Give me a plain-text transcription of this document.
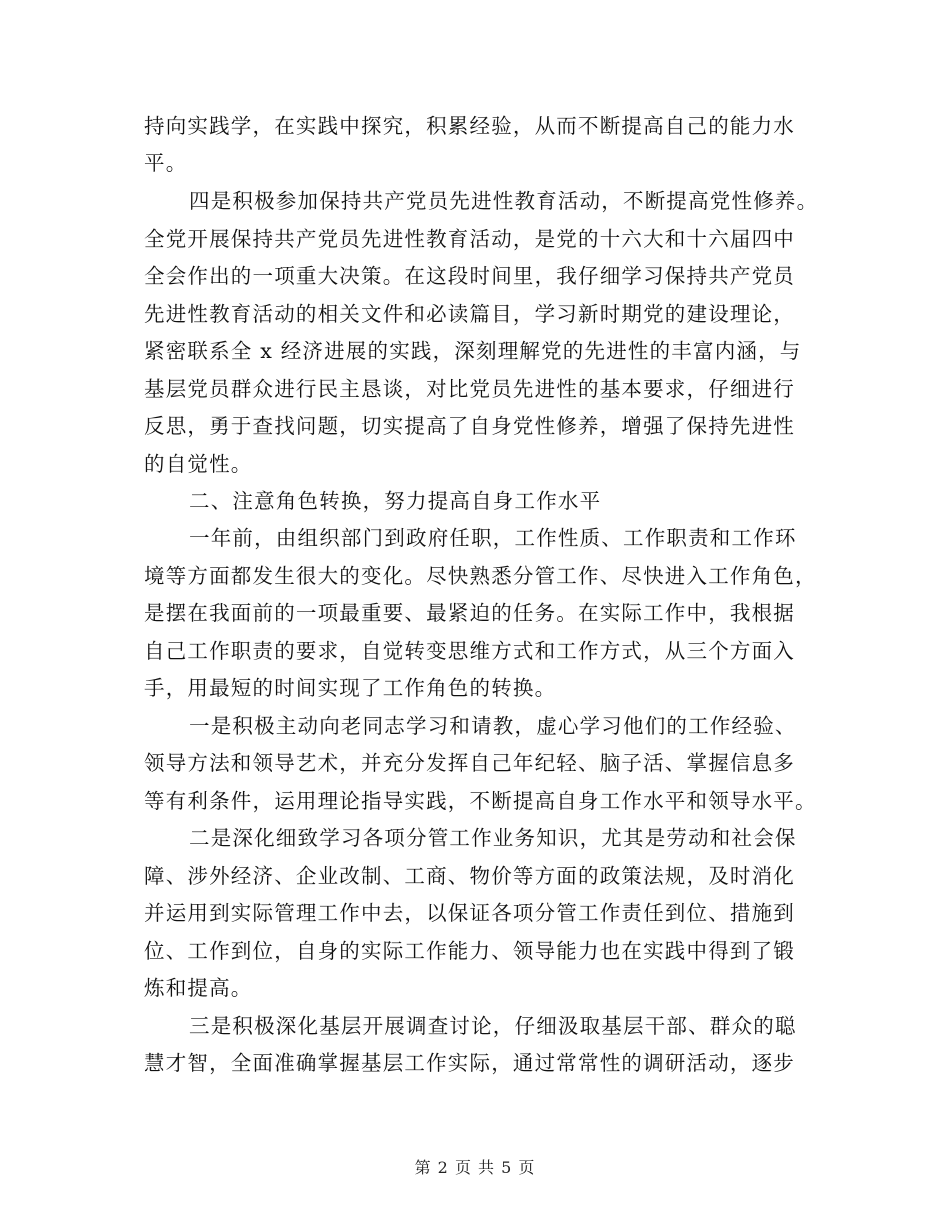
持向实践学，在实践中探究，积累经验，从而不断提高自己的能力水
平。
四是积极参加保持共产党员先进性教育活动，不断提高党性修养。
全党开展保持共产党员先进性教育活动，是党的十六大和十六届四中
全会作出的一项重大决策。在这段时间里，我仔细学习保持共产党员
先进性教育活动的相关文件和必读篇目，学习新时期党的建设理论，
紧密联系全 x 经济进展的实践，深刻理解党的先进性的丰富内涵，与
基层党员群众进行民主恳谈，对比党员先进性的基本要求，仔细进行
反思，勇于查找问题，切实提高了自身党性修养，增强了保持先进性
的自觉性。
二、注意角色转换，努力提高自身工作水平
一年前，由组织部门到政府任职，工作性质、工作职责和工作环
境等方面都发生很大的变化。尽快熟悉分管工作、尽快进入工作角色，
是摆在我面前的一项最重要、最紧迫的任务。在实际工作中，我根据
自己工作职责的要求，自觉转变思维方式和工作方式，从三个方面入
手，用最短的时间实现了工作角色的转换。
一是积极主动向老同志学习和请教，虚心学习他们的工作经验、
领导方法和领导艺术，并充分发挥自己年纪轻、脑子活、掌握信息多
等有利条件，运用理论指导实践，不断提高自身工作水平和领导水平。
二是深化细致学习各项分管工作业务知识，尤其是劳动和社会保
障、涉外经济、企业改制、工商、物价等方面的政策法规，及时消化
并运用到实际管理工作中去，以保证各项分管工作责任到位、措施到
位、工作到位，自身的实际工作能力、领导能力也在实践中得到了锻
炼和提高。
三是积极深化基层开展调查讨论，仔细汲取基层干部、群众的聪
慧才智，全面准确掌握基层工作实际，通过常常性的调研活动，逐步
第 2 页 共 5 页
